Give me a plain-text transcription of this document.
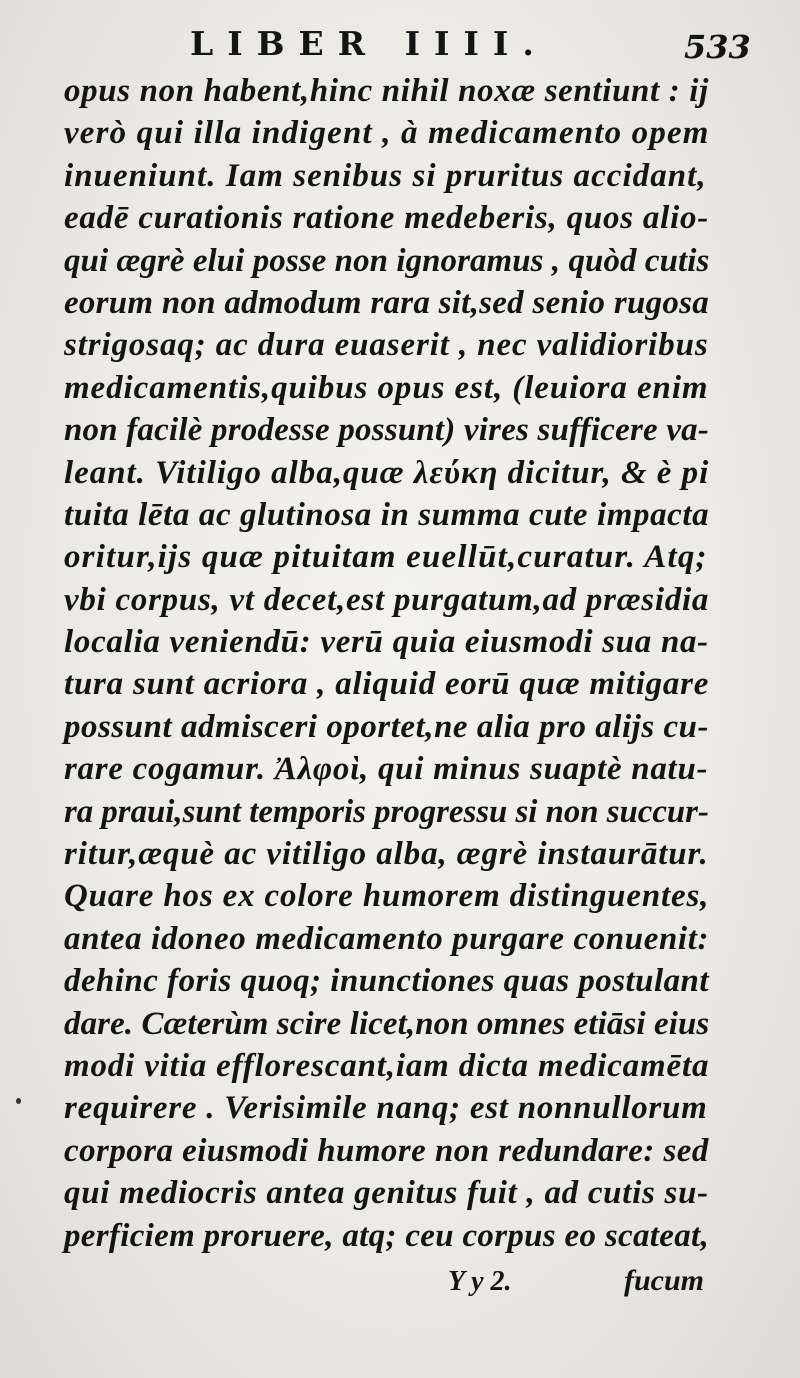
LIBER IIII.	533
opus non habent,hinc nihil noxæ sentiunt : ij
verò qui illa indigent , à medicamento opem
inueniunt. Iam senibus si pruritus accidant,
eadē curationis ratione medeberis, quos alio-
qui ægrè elui posse non ignoramus , quòd cutis
eorum non admodum rara sit,sed senio rugosa
strigosaq; ac dura euaserit , nec validioribus
medicamentis,quibus opus est, (leuiora enim
non facilè prodesse possunt) vires sufficere va-
leant. Vitiligo alba,quæ λεύκη dicitur, & è pi
tuita lēta ac glutinosa in summa cute impacta
oritur,ijs quæ pituitam euellūt,curatur. Atq;
vbi corpus, vt decet,est purgatum,ad præsidia
localia veniendū: verū quia eiusmodi sua na-
tura sunt acriora , aliquid eorū quæ mitigare
possunt admisceri oportet,ne alia pro alijs cu-
rare cogamur. Ἀλφοὶ, qui minus suaptè natu-
ra praui,sunt temporis progressu si non succur-
ritur,æquè ac vitiligo alba, ægrè instaurātur.
Quare hos ex colore humorem distinguentes,
antea idoneo medicamento purgare conuenit:
dehinc foris quoq; inunctiones quas postulant
dare. Cæterùm scire licet,non omnes etiāsi eius
modi vitia efflorescant,iam dicta medicamēta
requirere . Verisimile nanq; est nonnullorum
corpora eiusmodi humore non redundare: sed
qui mediocris antea genitus fuit , ad cutis su-
perficiem proruere, atq; ceu corpus eo scateat,
Y y 2.	fucum
